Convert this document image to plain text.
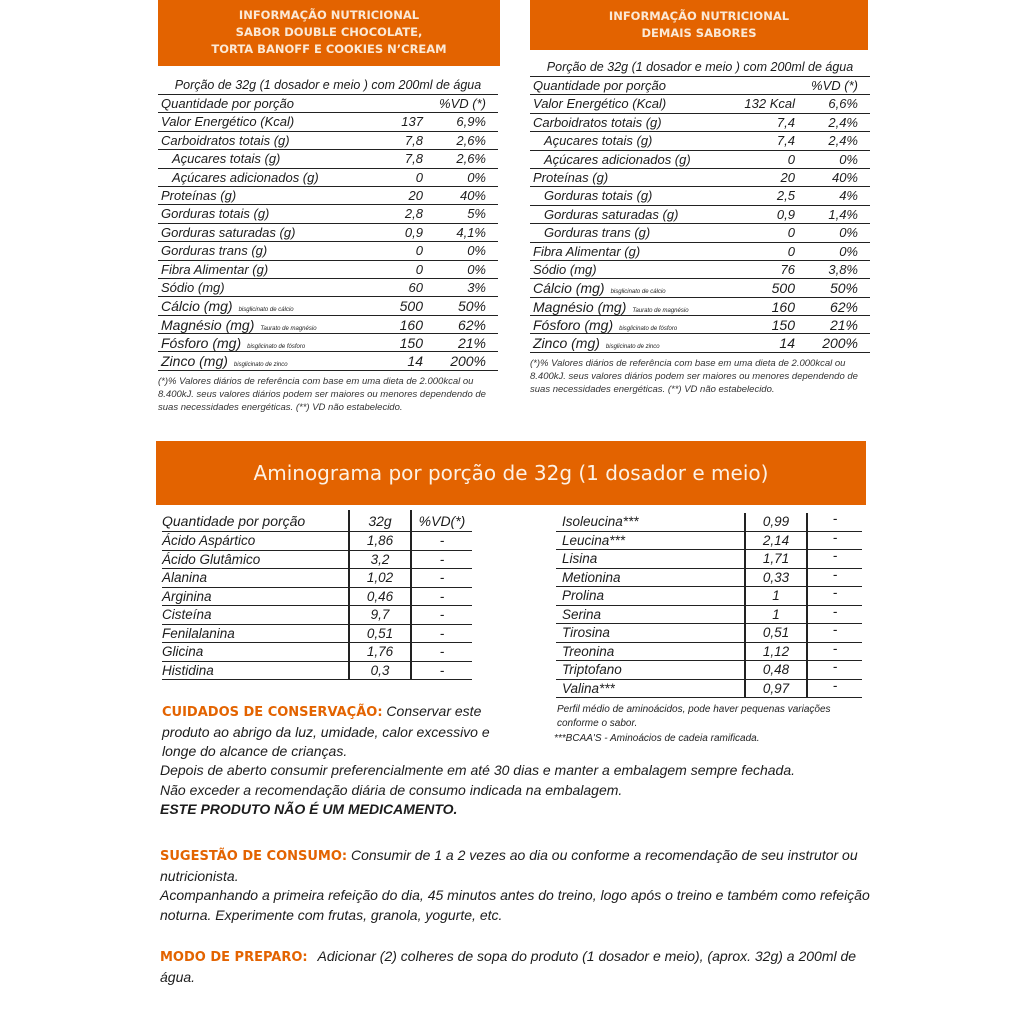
INFORMAÇÃO NUTRICIONAL
SABOR DOUBLE CHOCOLATE,
TORTA BANOFF E COOKIES N’CREAM
Porção de 32g (1 dosador e meio ) com 200ml de água
Quantidade por porção	%VD (*)
Valor Energético (Kcal)	137	6,9%
Carboidratos totais (g)	7,8	2,6%
Açucares totais (g)	7,8	2,6%
Açúcares adicionados (g)	0	0%
Proteínas (g)	20	40%
Gorduras totais (g)	2,8	5%
Gorduras saturadas (g)	0,9	4,1%
Gorduras trans (g)	0	0%
Fibra Alimentar (g)	0	0%
Sódio (mg)	60	3%
Cálcio (mg) bisglicinato de cálcio	500	50%
Magnésio (mg) Taurato de magnésio	160	62%
Fósforo (mg) bisglicinato de fósforo	150	21%
Zinco (mg) bisglicinato de zinco	14	200%
(*)% Valores diários de referência com base em uma dieta de 2.000kcal ou 8.400kJ. seus valores diários podem ser maiores ou menores dependendo de suas necessidades energéticas. (**) VD não estabelecido.
INFORMAÇÃO NUTRICIONAL
DEMAIS SABORES
Porção de 32g (1 dosador e meio ) com 200ml de água
Quantidade por porção	%VD (*)
Valor Energético (Kcal)	132 Kcal	6,6%
Carboidratos totais (g)	7,4	2,4%
Açucares totais (g)	7,4	2,4%
Açúcares adicionados (g)	0	0%
Proteínas (g)	20	40%
Gorduras totais (g)	2,5	4%
Gorduras saturadas (g)	0,9	1,4%
Gorduras trans (g)	0	0%
Fibra Alimentar (g)	0	0%
Sódio (mg)	76	3,8%
Cálcio (mg) bisglicinato de cálcio	500	50%
Magnésio (mg) Taurato de magnésio	160	62%
Fósforo (mg) bisglicinato de fósforo	150	21%
Zinco (mg) bisglicinato de zinco	14	200%
(*)% Valores diários de referência com base em uma dieta de 2.000kcal ou 8.400kJ. seus valores diários podem ser maiores ou menores dependendo de suas necessidades energéticas. (**) VD não estabelecido.
Aminograma por porção de 32g (1 dosador e meio)
Quantidade por porção	32g	%VD(*)
Ácido Aspártico	1,86	-
Ácido Glutâmico	3,2	-
Alanina	1,02	-
Arginina	0,46	-
Cisteína	9,7	-
Fenilalanina	0,51	-
Glicina	1,76	-
Histidina	0,3	-
Isoleucina***	0,99	-
Leucina***	2,14	-
Lisina	1,71	-
Metionina	0,33	-
Prolina	1	-
Serina	1	-
Tirosina	0,51	-
Treonina	1,12	-
Triptofano	0,48	-
Valina***	0,97	-
Perfil médio de aminoácidos, pode haver pequenas variações conforme o sabor.
***BCAA'S - Aminoácios de cadeia ramificada.
CUIDADOS DE CONSERVAÇÃO: Conservar este produto ao abrigo da luz, umidade, calor excessivo e longe do alcance de crianças.
Depois de aberto consumir preferencialmente em até 30 dias e manter a embalagem sempre fechada.
Não exceder a recomendação diária de consumo indicada na embalagem.
ESTE PRODUTO NÃO É UM MEDICAMENTO.
SUGESTÃO DE CONSUMO: Consumir de 1 a 2 vezes ao dia ou conforme a recomendação de seu instrutor ou nutricionista.
Acompanhando a primeira refeição do dia, 45 minutos antes do treino, logo após o treino e também como refeição noturna. Experimente com frutas, granola, yogurte, etc.
MODO DE PREPARO: Adicionar (2) colheres de sopa do produto (1 dosador e meio), (aprox. 32g) a 200ml de água.
